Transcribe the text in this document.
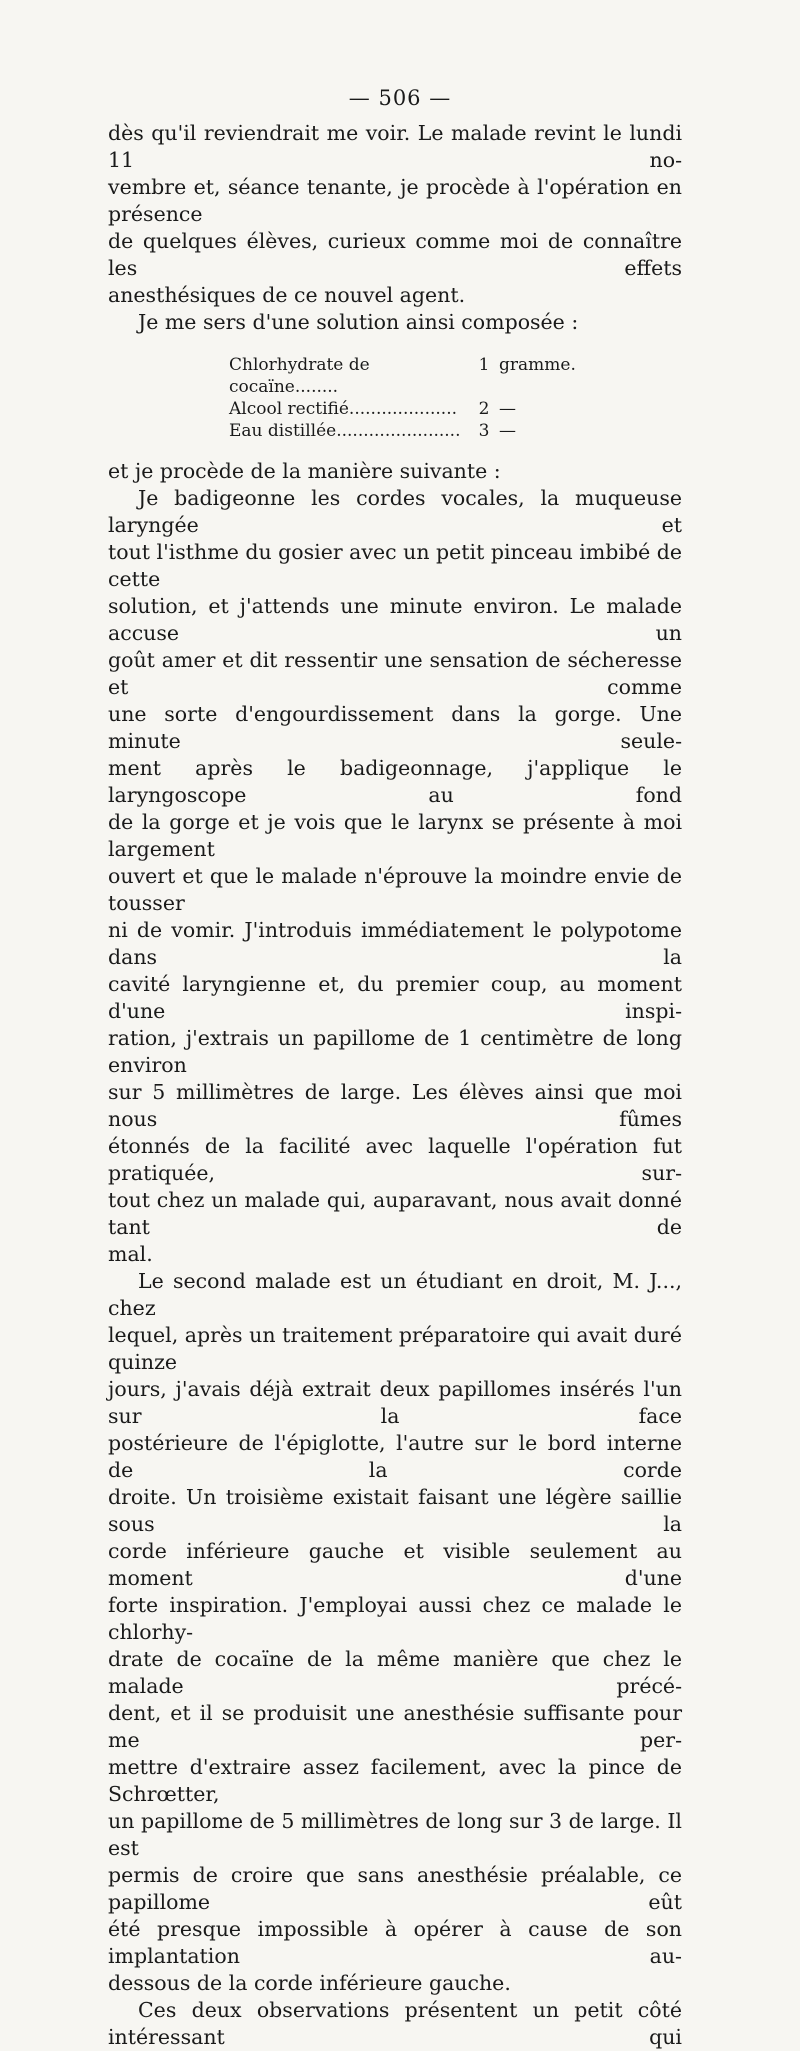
— 506 —

dès qu'il reviendrait me voir. Le malade revint le lundi 11 no-

vembre et, séance tenante, je procède à l'opération en présence

de quelques élèves, curieux comme moi de connaître les effets

anesthésiques de ce nouvel agent.

Je me sers d'une solution ainsi composée :

Chlorhydrate de cocaïne........
1 gramme.
Alcool rectifié....................	2 —
Eau distillée.......................	3 —

et je procède de la manière suivante :

Je badigeonne les cordes vocales, la muqueuse laryngée et

tout l'isthme du gosier avec un petit pinceau imbibé de cette

solution, et j'attends une minute environ. Le malade accuse un

goût amer et dit ressentir une sensation de sécheresse et comme

une sorte d'engourdissement dans la gorge. Une minute seule-

ment après le badigeonnage, j'applique le laryngoscope au fond

de la gorge et je vois que le larynx se présente à moi largement

ouvert et que le malade n'éprouve la moindre envie de tousser

ni de vomir. J'introduis immédiatement le polypotome dans la

cavité laryngienne et, du premier coup, au moment d'une inspi-

ration, j'extrais un papillome de 1 centimètre de long environ

sur 5 millimètres de large. Les élèves ainsi que moi nous fûmes

étonnés de la facilité avec laquelle l'opération fut pratiquée, sur-

tout chez un malade qui, auparavant, nous avait donné tant de

mal.

Le second malade est un étudiant en droit, M. J..., chez

lequel, après un traitement préparatoire qui avait duré quinze

jours, j'avais déjà extrait deux papillomes insérés l'un sur la face

postérieure de l'épiglotte, l'autre sur le bord interne de la corde

droite. Un troisième existait faisant une légère saillie sous la

corde inférieure gauche et visible seulement au moment d'une

forte inspiration. J'employai aussi chez ce malade le chlorhy-

drate de cocaïne de la même manière que chez le malade précé-

dent, et il se produisit une anesthésie suffisante pour me per-

mettre d'extraire assez facilement, avec la pince de Schrœtter,

un papillome de 5 millimètres de long sur 3 de large. Il est

permis de croire que sans anesthésie préalable, ce papillome eût

été presque impossible à opérer à cause de son implantation au-

dessous de la corde inférieure gauche.

Ces deux observations présentent un petit côté intéressant qui
